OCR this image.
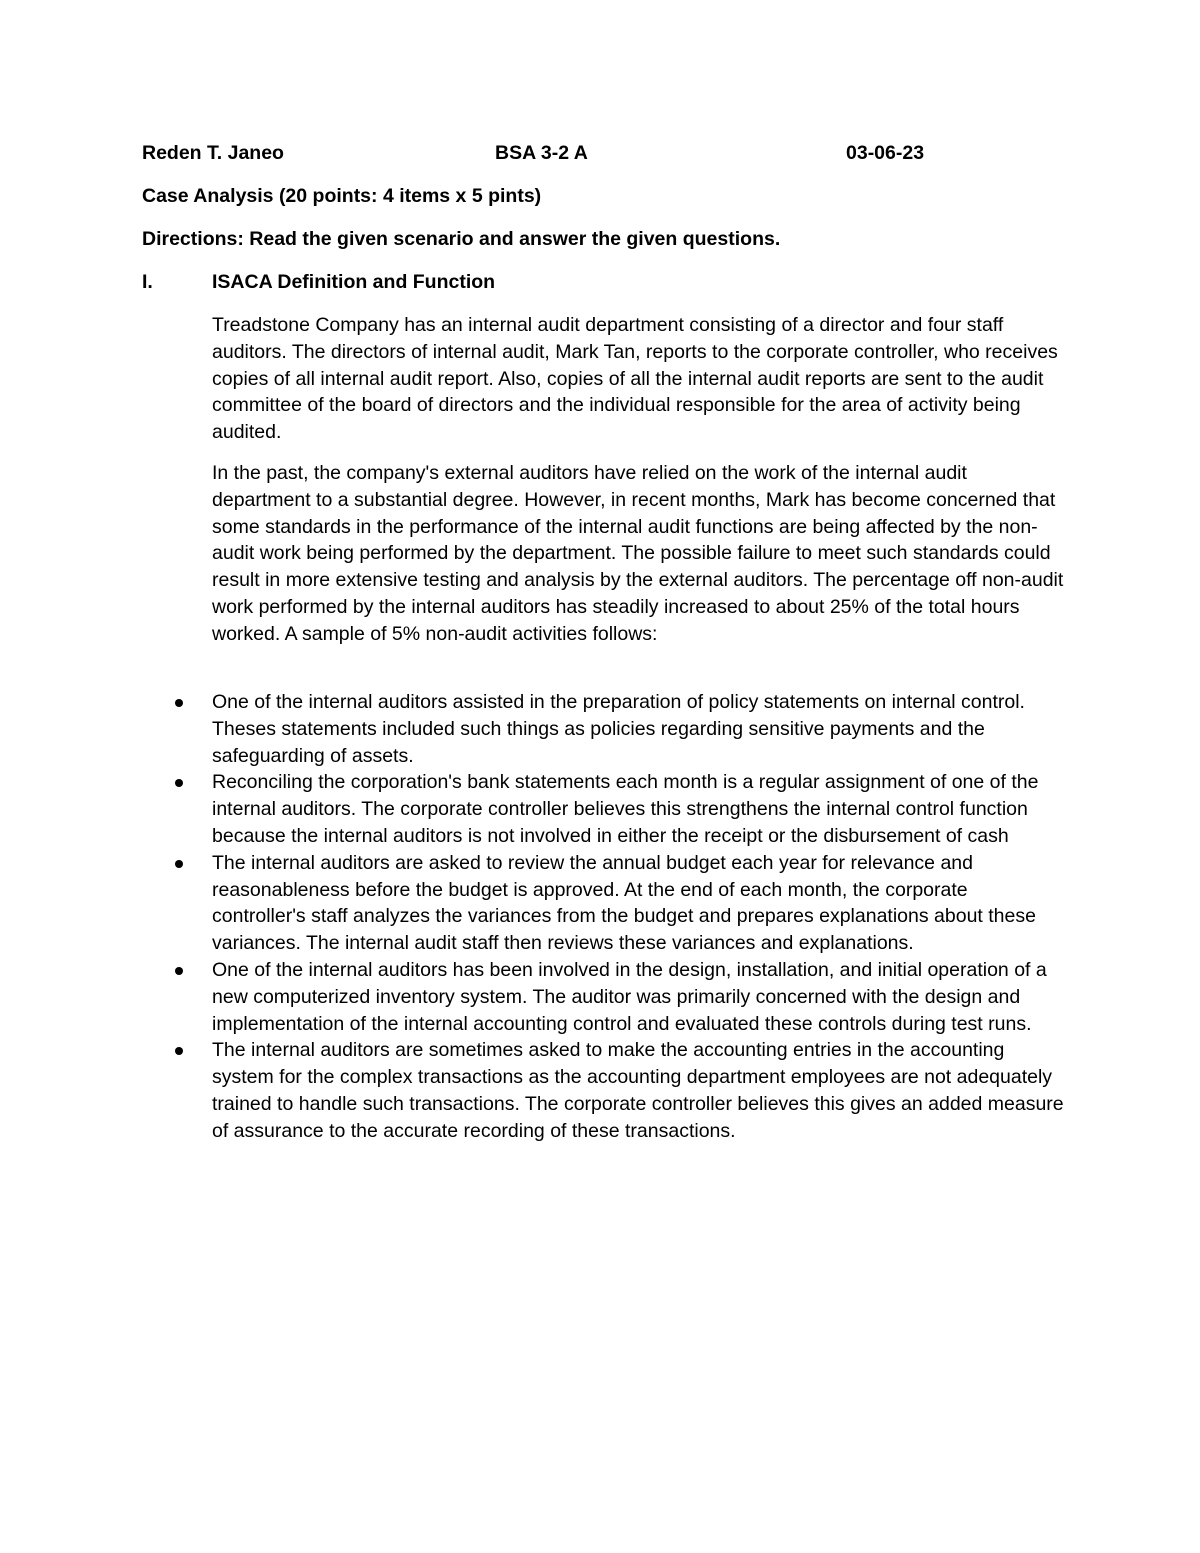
Reden T. Janeo	BSA 3-2 A	03-06-23
Case Analysis (20 points: 4 items x 5 pints)
Directions: Read the given scenario and answer the given questions.
I.	ISACA Definition and Function

Treadstone Company has an internal audit department consisting of a director and four staff auditors. The directors of internal audit, Mark Tan, reports to the corporate controller, who receives copies of all internal audit report. Also, copies of all the internal audit reports are sent to the audit committee of the board of directors and the individual responsible for the area of activity being audited.

In the past, the company's external auditors have relied on the work of the internal audit department to a substantial degree. However, in recent months, Mark has become concerned that some standards in the performance of the internal audit functions are being affected by the non-audit work being performed by the department. The possible failure to meet such standards could result in more extensive testing and analysis by the external auditors. The percentage off non-audit work performed by the internal auditors has steadily increased to about 25% of the total hours worked. A sample of 5% non-audit activities follows:

One of the internal auditors assisted in the preparation of policy statements on internal control. Theses statements included such things as policies regarding sensitive payments and the safeguarding of assets.
Reconciling the corporation's bank statements each month is a regular assignment of one of the internal auditors. The corporate controller believes this strengthens the internal control function because the internal auditors is not involved in either the receipt or the disbursement of cash
The internal auditors are asked to review the annual budget each year for relevance and reasonableness before the budget is approved. At the end of each month, the corporate controller's staff analyzes the variances from the budget and prepares explanations about these variances. The internal audit staff then reviews these variances and explanations.
One of the internal auditors has been involved in the design, installation, and initial operation of a new computerized inventory system. The auditor was primarily concerned with the design and implementation of the internal accounting control and evaluated these controls during test runs.
The internal auditors are sometimes asked to make the accounting entries in the accounting system for the complex transactions as the accounting department employees are not adequately trained to handle such transactions. The corporate controller believes this gives an added measure of assurance to the accurate recording of these transactions.
